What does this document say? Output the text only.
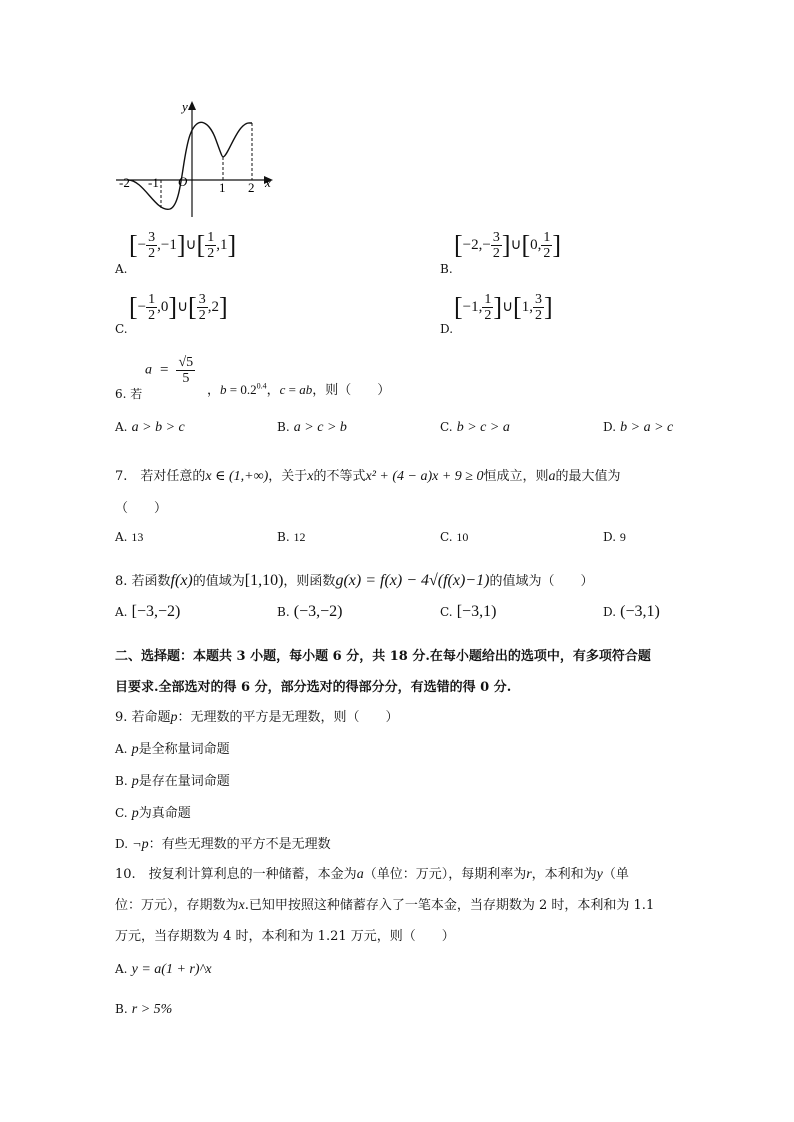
y
x
O
-2 -1	1 2
A.
[− $\frac{3}{2}$ ,−1]∪[ $\frac{1}{2} ,1$]
B.
[$-2,- \frac{3}{2}$ ]∪[0, $\frac{1}{2}$ ]
C.
[− $\frac{1}{2}$ ,0]∪[ $\frac{3}{2} ,2$]
D.
[−1, $\frac{1}{2}$ ]∪[1, $\frac{3}{2}$ ]
6. 若
$a = \frac{√5}{5}$
，$b = 0.2^{0.4}$，c = ab，则（　　）
A. a > b > c	B. a > c > b	C. b > c > a	D. b > a > c
7.　若对任意的x ∈ (1,+∞)，关于x的不等式x² + (4 − a)x + 9 ≥ 0恒成立，则a的最大值为
（　　）
A. 13	B. 12	C. 10	D. 9
8. 若函数f(x)的值域为[1,10)，则函数g(x) = f(x) − 4√(f(x)−1)的值域为（　　）
A. [−3,−2)	B. (−3,−2)	C. [−3,1)	D. (−3,1)
二、选择题：本题共 3 小题，每小题 6 分，共 18 分.在每小题给出的选项中，有多项符合题
目要求.全部选对的得 6 分，部分选对的得部分分，有选错的得 0 分.
9. 若命题p：无理数的平方是无理数，则（　　）
A. p是全称量词命题
B. p是存在量词命题
C. p为真命题
D. ¬p：有些无理数的平方不是无理数
10.　按复利计算利息的一种储蓄，本金为a（单位：万元），每期利率为r，本利和为y（单
位：万元），存期数为x.已知甲按照这种储蓄存入了一笔本金，当存期数为 2 时，本利和为 1.1
万元，当存期数为 4 时，本利和为 1.21 万元，则（　　）
A. y = a(1 + r)^x
B. r > 5%
